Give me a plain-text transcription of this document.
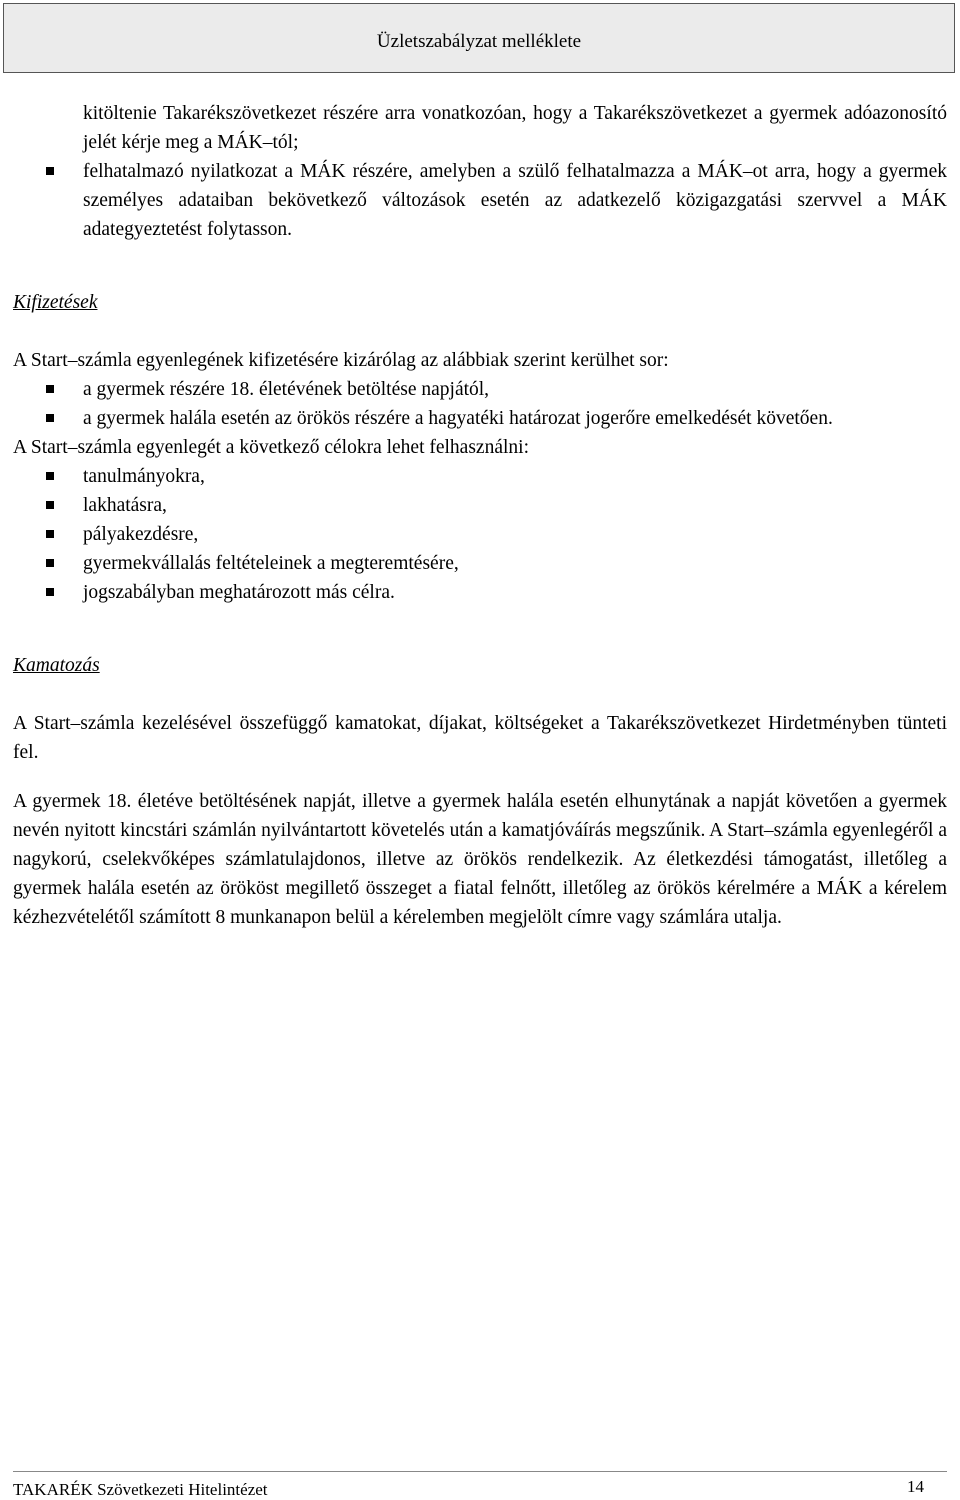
Üzletszabályzat melléklete
kitöltenie Takarékszövetkezet részére arra vonatkozóan, hogy a Takarékszövetkezet a gyermek adóazonosító jelét kérje meg a MÁK–tól;
felhatalmazó nyilatkozat a MÁK részére, amelyben a szülő felhatalmazza a MÁK–ot arra, hogy a gyermek személyes adataiban bekövetkező változások esetén az adatkezelő közigazgatási szervvel a MÁK adategyeztetést folytasson.
Kifizetések
A Start–számla egyenlegének kifizetésére kizárólag az alábbiak szerint kerülhet sor:
a gyermek részére 18. életévének betöltése napjától,
a gyermek halála esetén az örökös részére a hagyatéki határozat jogerőre emelkedését követően.
A Start–számla egyenlegét a következő célokra lehet felhasználni:
tanulmányokra,
lakhatásra,
pályakezdésre,
gyermekvállalás feltételeinek a megteremtésére,
jogszabályban meghatározott más célra.
Kamatozás
A Start–számla kezelésével összefüggő kamatokat, díjakat, költségeket a Takarékszövetkezet Hirdetményben tünteti fel.
A gyermek 18. életéve betöltésének napját, illetve a gyermek halála esetén elhunytának a napját követően a gyermek nevén nyitott kincstári számlán nyilvántartott követelés után a kamatjóváírás megszűnik. A Start–számla egyenlegéről a nagykorú, cselekvőképes számlatulajdonos, illetve az örökös rendelkezik. Az életkezdési támogatást, illetőleg a gyermek halála esetén az örököst megillető összeget a fiatal felnőtt, illetőleg az örökös kérelmére a MÁK a kérelem kézhezvételétől számított 8 munkanapon belül a kérelemben megjelölt címre vagy számlára utalja.
TAKARÉK Szövetkezeti Hitelintézet	14
